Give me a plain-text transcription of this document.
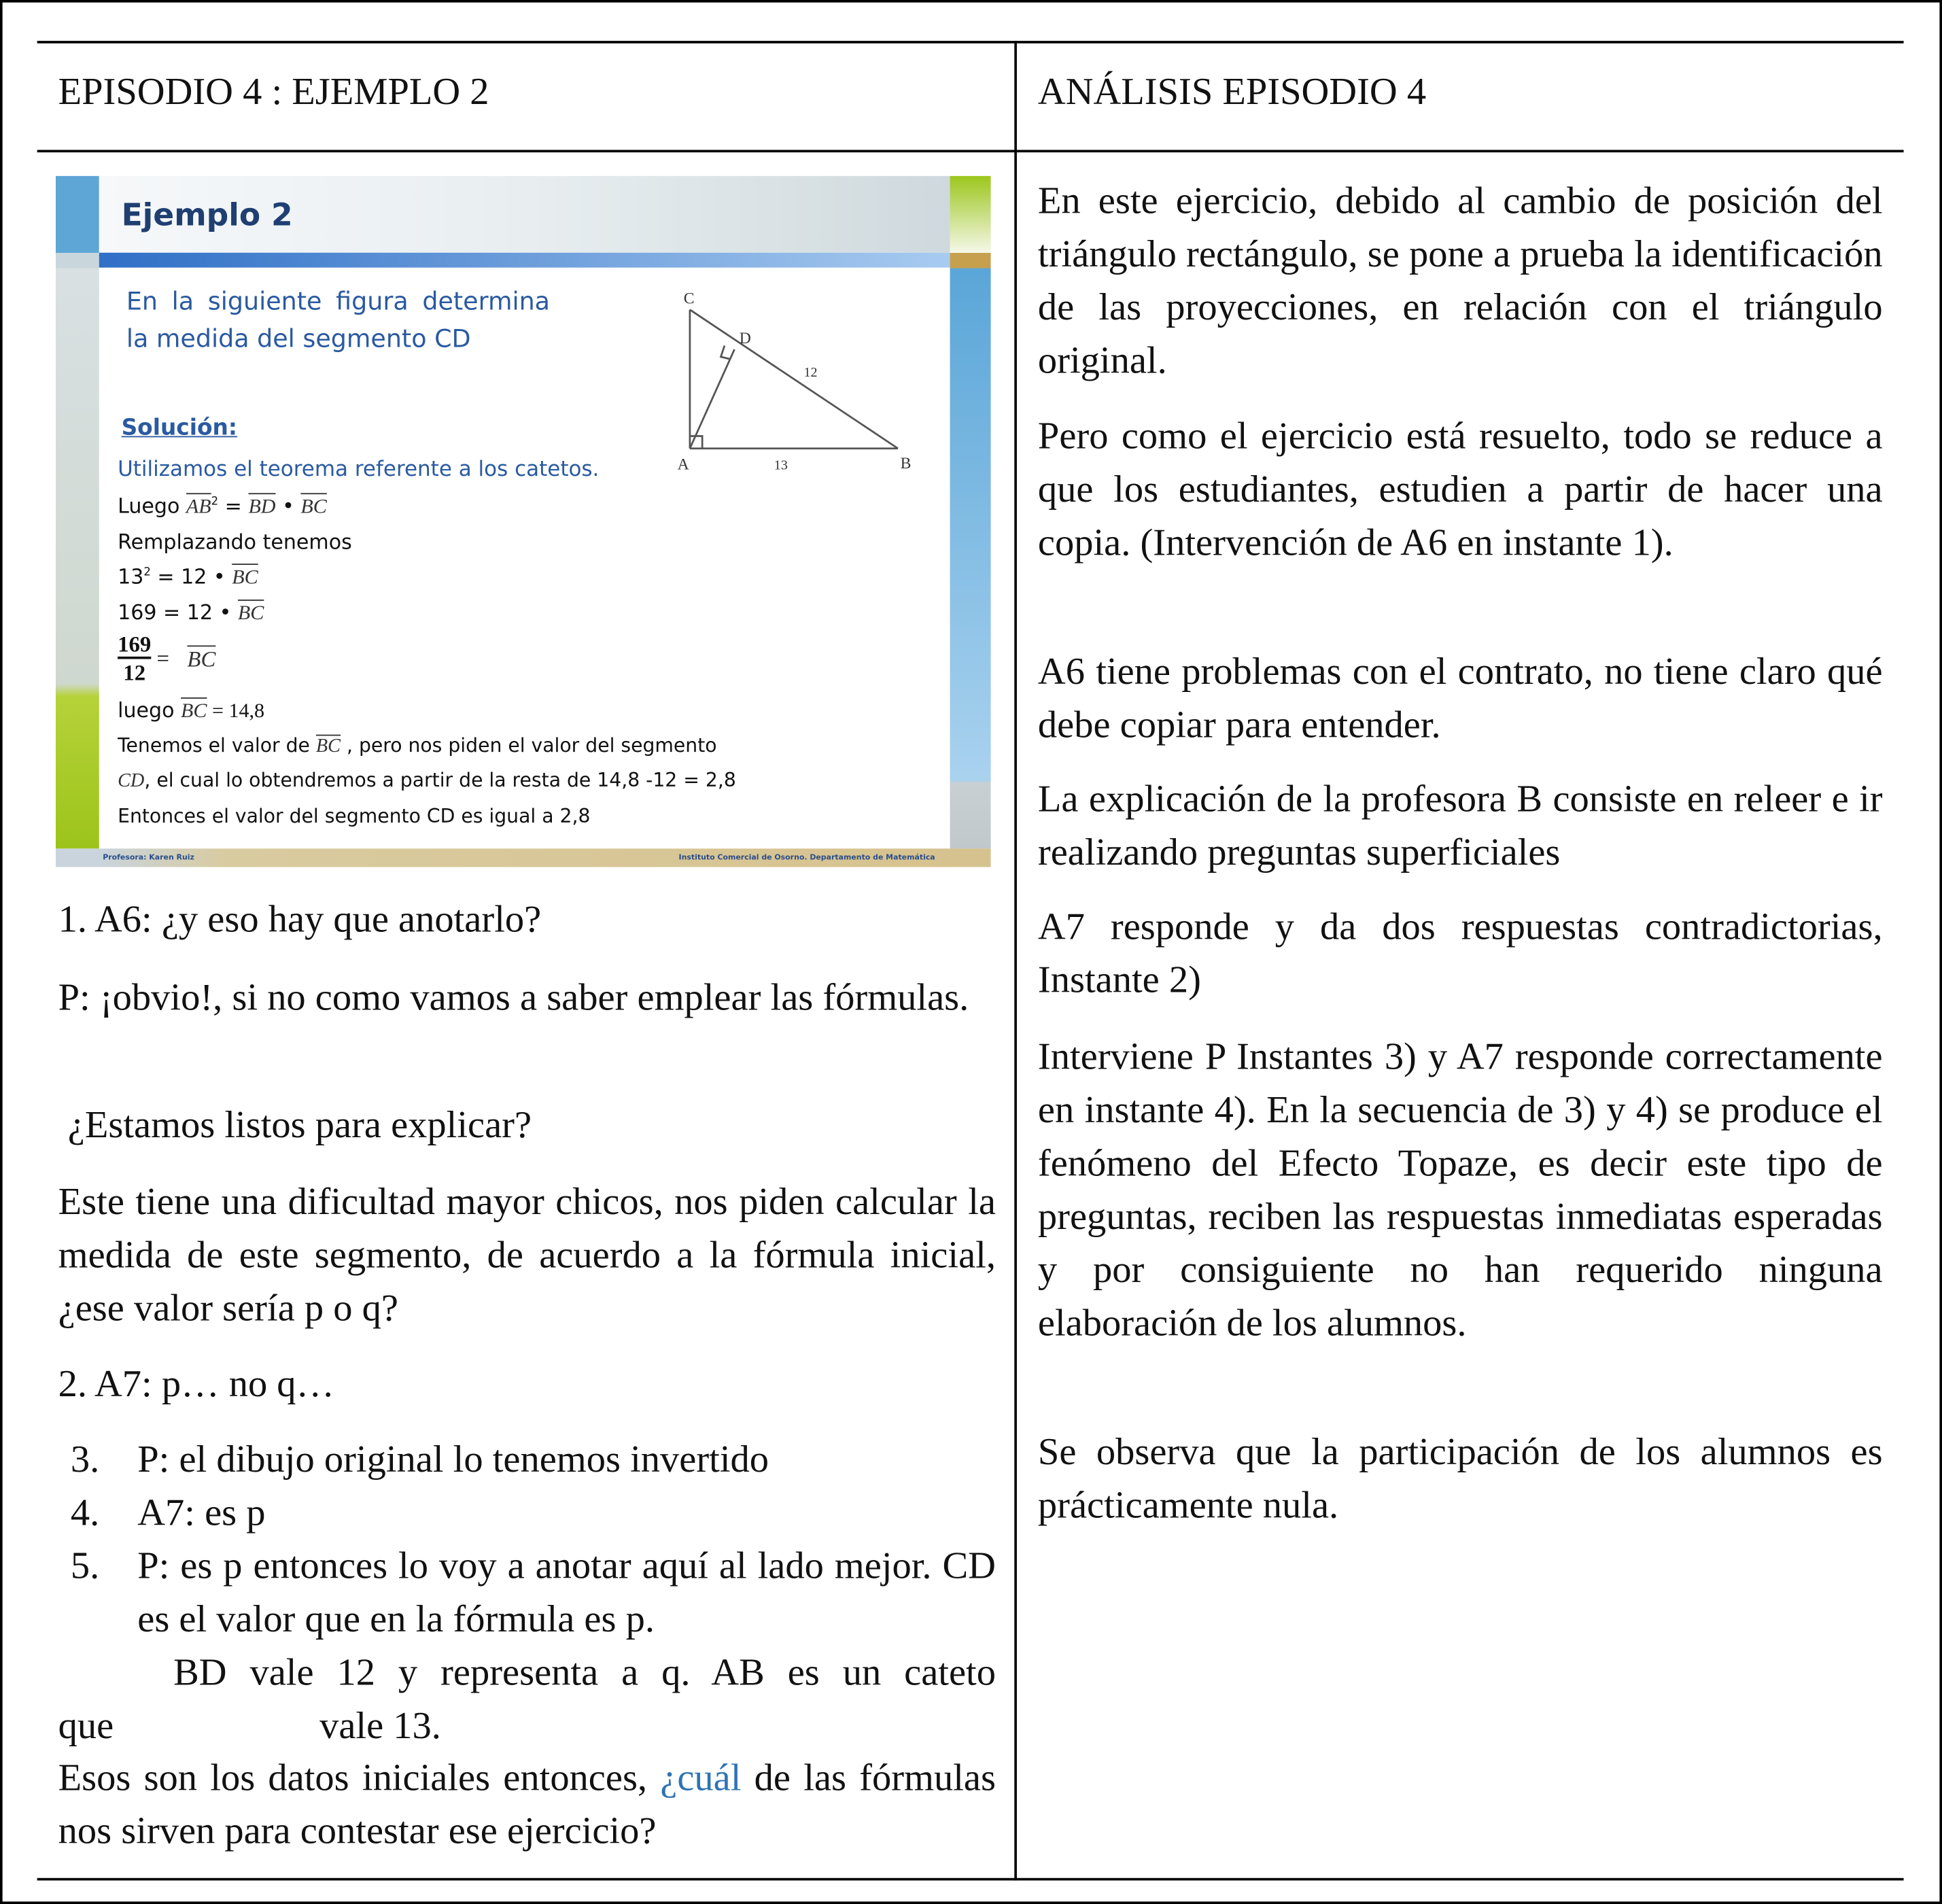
EPISODIO 4 : EJEMPLO 2	ANÁLISIS EPISODIO 4
Ejemplo 2
En la siguiente figura determina la medida del segmento CD
Solución:
Utilizamos el teorema referente a los catetos.
Luego $\overline{AB}^2 = \overline{BD}$ • $\overline{BC}$
Remplazando tenemos
$13^2 = 12$ • $\overline{BC}$
169 = 12 • $\overline{BC}$
$\frac{169}{12} = \overline{BC}$
luego $\overline{BC} = 14,8$
Tenemos el valor de $\overline{BC}$ , pero nos piden el valor del segmento
CD, el cual lo obtendremos a partir de la resta de 14,8 -12 = 2,8
Entonces el valor del segmento CD es igual a 2,8
C
D
12
A	13	B
Profesora: Karen Ruiz	Instituto Comercial de Osorno. Departamento de Matemática
1. A6: ¿y eso hay que anotarlo?
P: ¡obvio!, si no como vamos a saber emplear las fórmulas.
¿Estamos listos para explicar?
Este tiene una dificultad mayor chicos, nos piden calcular la medida de este segmento, de acuerdo a la fórmula inicial, ¿ese valor sería p o q?
2. A7: p… no q…
3. P: el dibujo original lo tenemos invertido
4. A7: es p
5. P: es p entonces lo voy a anotar aquí al lado mejor. CD es el valor que en la fórmula es p.
BD vale 12 y representa a q. AB es un cateto
que	vale 13.
Esos son los datos iniciales entonces, ¿cuál de las fórmulas nos sirven para contestar ese ejercicio?
En este ejercicio, debido al cambio de posición del triángulo rectángulo, se pone a prueba la identificación de las proyecciones, en relación con el triángulo original.
Pero como el ejercicio está resuelto, todo se reduce a que los estudiantes, estudien a partir de hacer una copia. (Intervención de A6 en instante 1).
A6 tiene problemas con el contrato, no tiene claro qué debe copiar para entender.
La explicación de la profesora B consiste en releer e ir realizando preguntas superficiales
A7 responde y da dos respuestas contradictorias, Instante 2)
Interviene P Instantes 3) y A7 responde correctamente en instante 4). En la secuencia de 3) y 4) se produce el fenómeno del Efecto Topaze, es decir este tipo de preguntas, reciben las respuestas inmediatas esperadas y por consiguiente no han requerido ninguna elaboración de los alumnos.
Se observa que la participación de los alumnos es prácticamente nula.
